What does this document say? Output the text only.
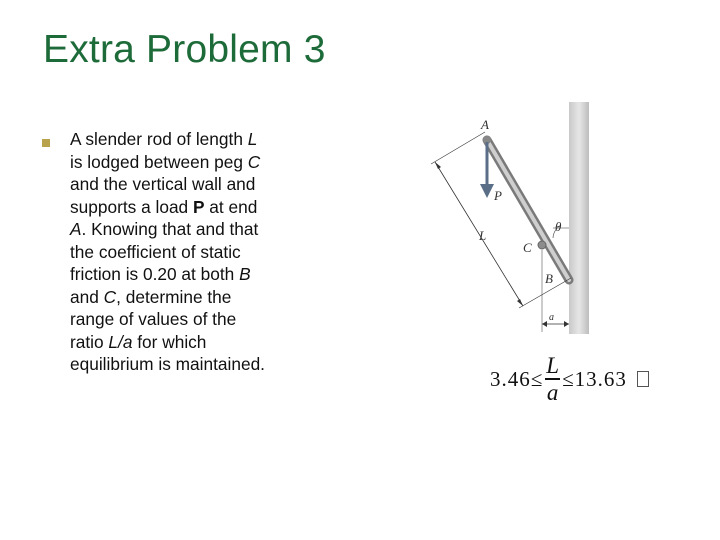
Extra Problem 3
A slender rod of length L
is lodged between peg C
and the vertical wall and
supports a load P at end
A. Knowing that and that
the coefficient of static
friction is 0.20 at both B
and C, determine the
range of values of the
ratio L/a for which
equilibrium is maintained.
A
P
L
C
B
θ
a
$3.46\le \frac{L}{a} \le 13.63$
